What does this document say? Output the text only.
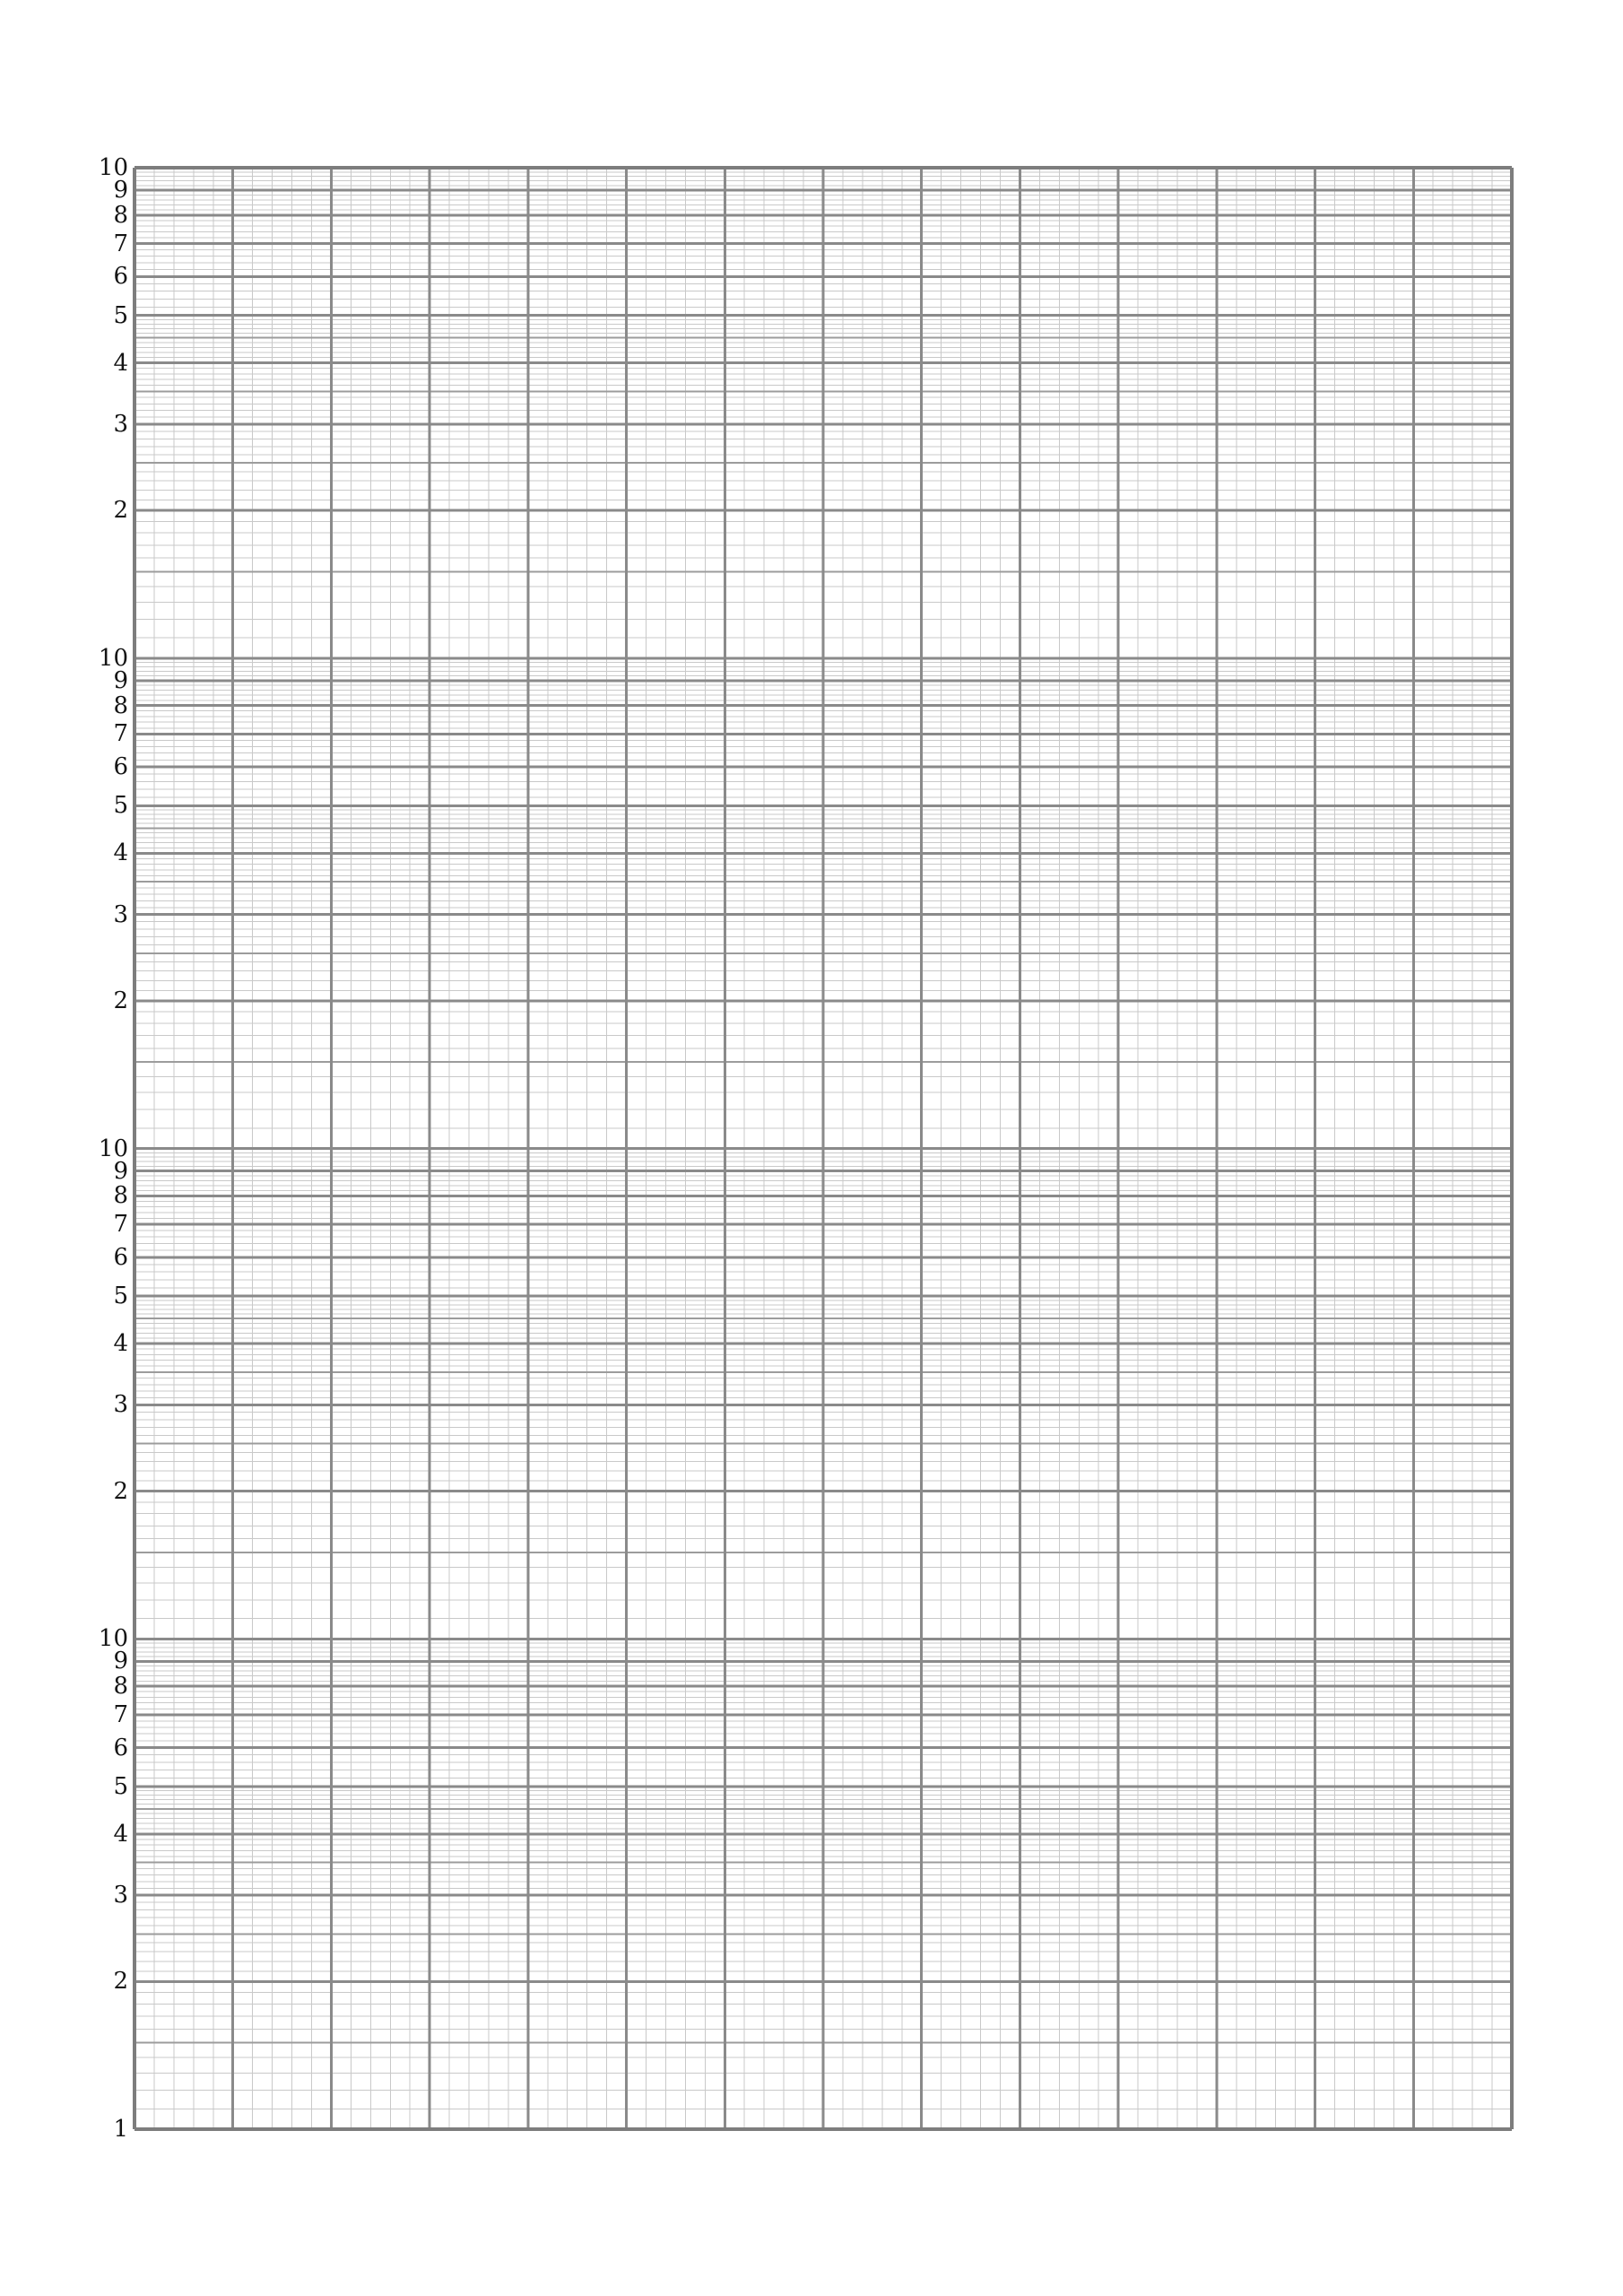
10
9
8
7
6
5
4
3
2
10
9
8
7
6
5
4
3
2
10
9
8
7
6
5
4
3
2
10
9
8
7
6
5
4
3
2
1
